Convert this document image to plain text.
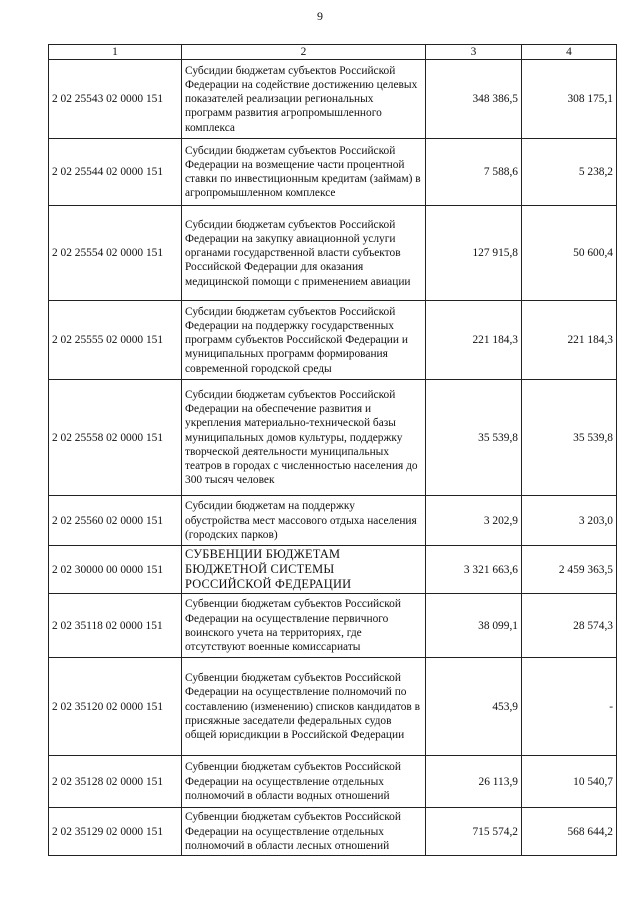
9
1	2	3	4
2 02 25543 02 0000 151	Субсидии бюджетам субъектов Российской Федерации на содействие достижению целевых показателей реализации региональных программ развития агропромышленного комплекса	348 386,5	308 175,1
2 02 25544 02 0000 151	Субсидии бюджетам субъектов Российской Федерации на возмещение части процентной ставки по инвестиционным кредитам (займам) в агропромышленном комплексе	7 588,6	5 238,2
2 02 25554 02 0000 151	Субсидии бюджетам субъектов Российской Федерации на закупку авиационной услуги органами государственной власти субъектов Российской Федерации для оказания медицинской помощи с применением авиации	127 915,8	50 600,4
2 02 25555 02 0000 151	Субсидии бюджетам субъектов Российской Федерации на поддержку государственных программ субъектов Российской Федерации и муниципальных программ формирования современной городской среды	221 184,3	221 184,3
2 02 25558 02 0000 151	Субсидии бюджетам субъектов Российской Федерации на обеспечение развития и укрепления материально-технической базы муниципальных домов культуры, поддержку творческой деятельности муниципальных театров в городах с численностью населения до 300 тысяч человек	35 539,8	35 539,8
2 02 25560 02 0000 151	Субсидии бюджетам на поддержку обустройства мест массового отдыха населения (городских парков)	3 202,9	3 203,0
2 02 30000 00 0000 151	СУБВЕНЦИИ БЮДЖЕТАМ БЮДЖЕТНОЙ СИСТЕМЫ РОССИЙСКОЙ ФЕДЕРАЦИИ	3 321 663,6	2 459 363,5
2 02 35118 02 0000 151	Субвенции бюджетам субъектов Российской Федерации на осуществление первичного воинского учета на территориях, где отсутствуют военные комиссариаты	38 099,1	28 574,3
2 02 35120 02 0000 151	Субвенции бюджетам субъектов Российской Федерации на осуществление полномочий по составлению (изменению) списков кандидатов в присяжные заседатели федеральных судов общей юрисдикции в Российской Федерации	453,9	-
2 02 35128 02 0000 151	Субвенции бюджетам субъектов Российской Федерации на осуществление отдельных полномочий в области водных отношений	26 113,9	10 540,7
2 02 35129 02 0000 151	Субвенции бюджетам субъектов Российской Федерации на осуществление отдельных полномочий в области лесных отношений	715 574,2	568 644,2
